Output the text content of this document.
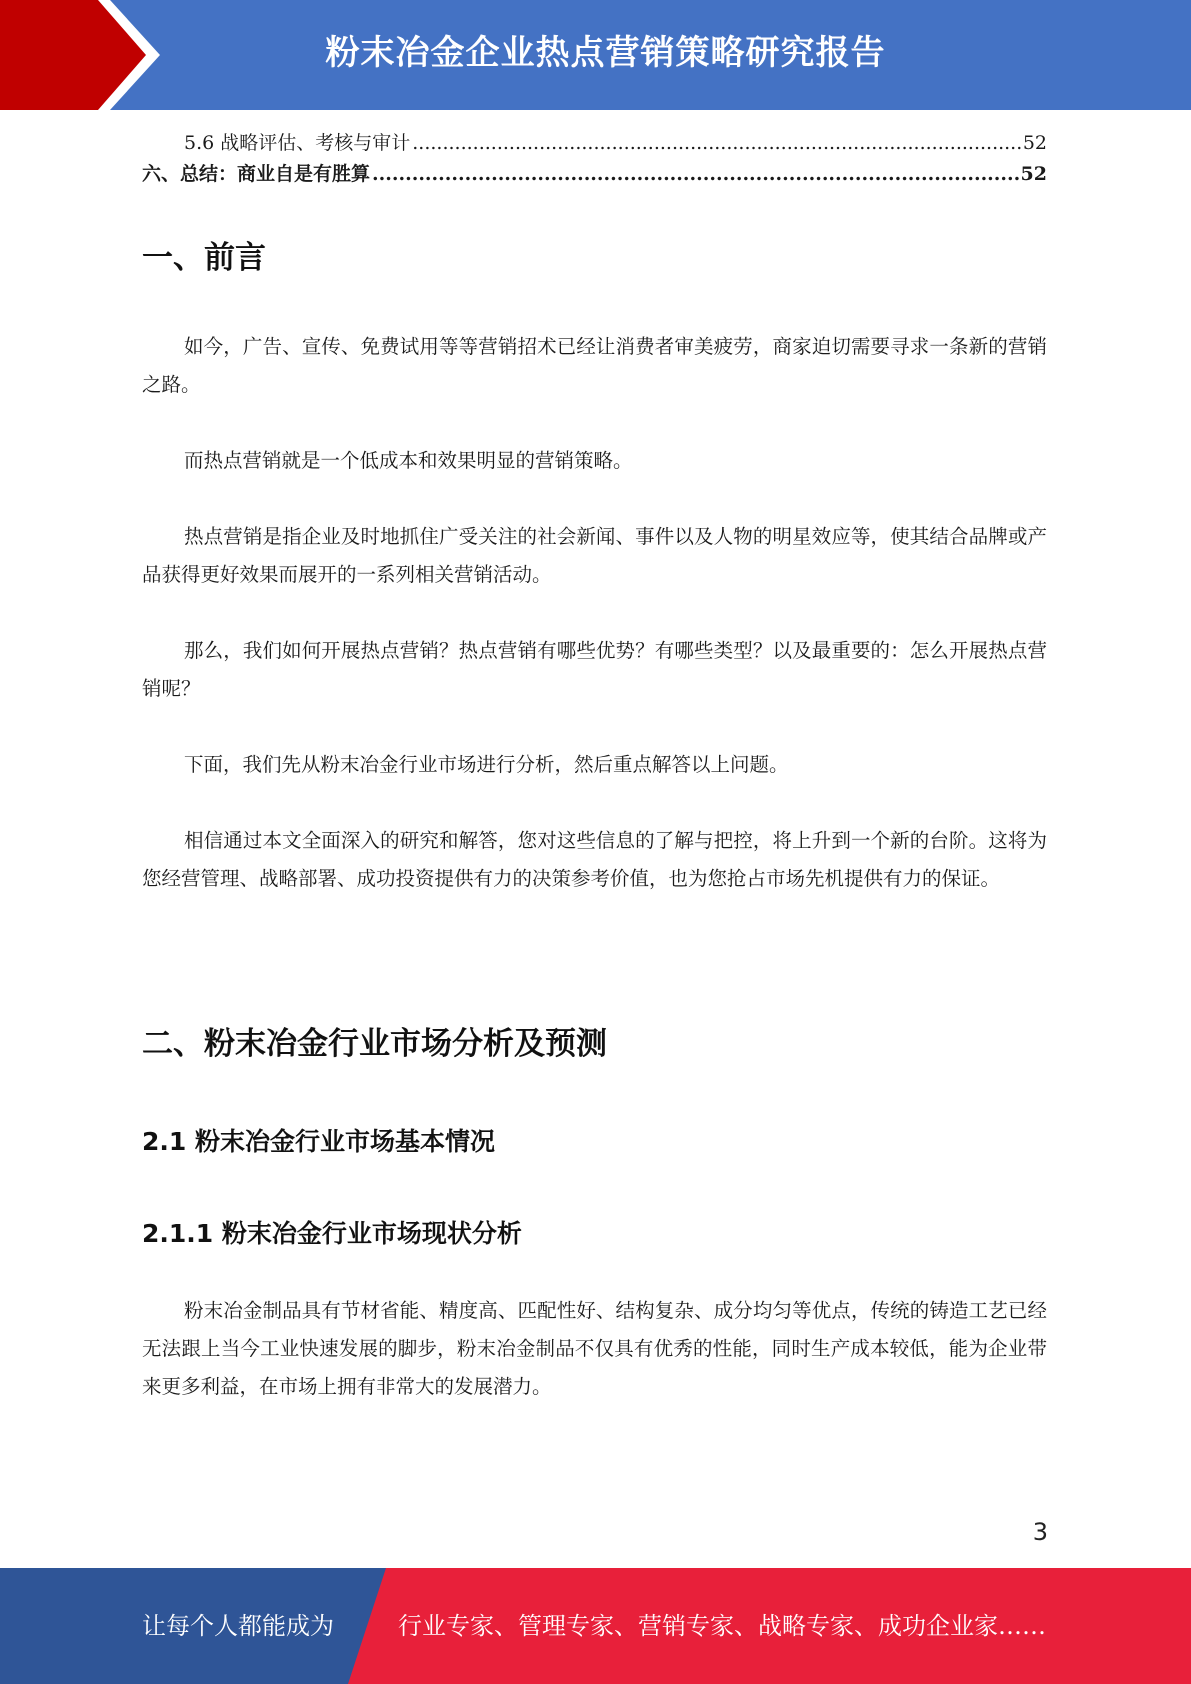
粉末冶金企业热点营销策略研究报告
5.6 战略评估、考核与审计 .....	52
六、总结：商业自是有胜算 .....	52
一、前言
如今，广告、宣传、免费试用等等营销招术已经让消费者审美疲劳，商家迫切需要寻求一条新的营销之路。
而热点营销就是一个低成本和效果明显的营销策略。
热点营销是指企业及时地抓住广受关注的社会新闻、事件以及人物的明星效应等，使其结合品牌或产品获得更好效果而展开的一系列相关营销活动。
那么，我们如何开展热点营销？热点营销有哪些优势？有哪些类型？以及最重要的：怎么开展热点营销呢？
下面，我们先从粉末冶金行业市场进行分析，然后重点解答以上问题。
相信通过本文全面深入的研究和解答，您对这些信息的了解与把控，将上升到一个新的台阶。这将为您经营管理、战略部署、成功投资提供有力的决策参考价值，也为您抢占市场先机提供有力的保证。
二、粉末冶金行业市场分析及预测
2.1 粉末冶金行业市场基本情况
2.1.1 粉末冶金行业市场现状分析
粉末冶金制品具有节材省能、精度高、匹配性好、结构复杂、成分均匀等优点，传统的铸造工艺已经无法跟上当今工业快速发展的脚步，粉末冶金制品不仅具有优秀的性能，同时生产成本较低，能为企业带来更多利益，在市场上拥有非常大的发展潜力。
3
让每个人都能成为	行业专家、管理专家、营销专家、战略专家、成功企业家……
